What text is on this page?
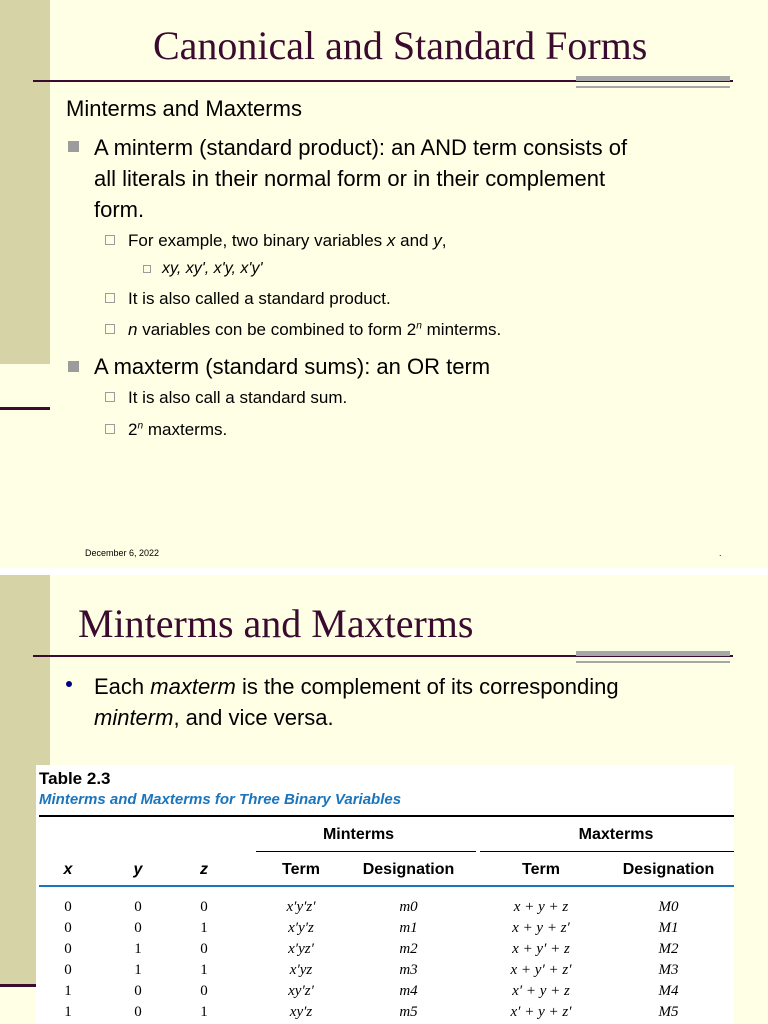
Canonical and Standard Forms
Minterms and Maxterms
A minterm (standard product): an AND term consists of
all literals in their normal form or in their complement
form.
For example, two binary variables x and y,
xy, xy', x'y, x'y'
It is also called a standard product.
n variables con be combined to form 2$^n$ minterms.
A maxterm (standard sums): an OR term
It is also call a standard sum.
2$^n$ maxterms.
December 6, 2022	.
Minterms and Maxterms
Each maxterm is the complement of its corresponding
minterm, and vice versa.
Table 2.3
Minterms and Maxterms for Three Binary Variables
Minterms	Maxterms
x	y	z	Term	Designation	Term	Designation
0	0	0	x′y′z′	m0	x + y + z	M0
0	0	1	x′y′z	m1	x + y + z′	M1
0	1	0	x′yz′	m2	x + y′ + z	M2
0	1	1	x′yz	m3	x + y′ + z′	M3
1	0	0	xy′z′	m4	x′ + y + z	M4
1	0	1	xy′z	m5	x′ + y + z′	M5
